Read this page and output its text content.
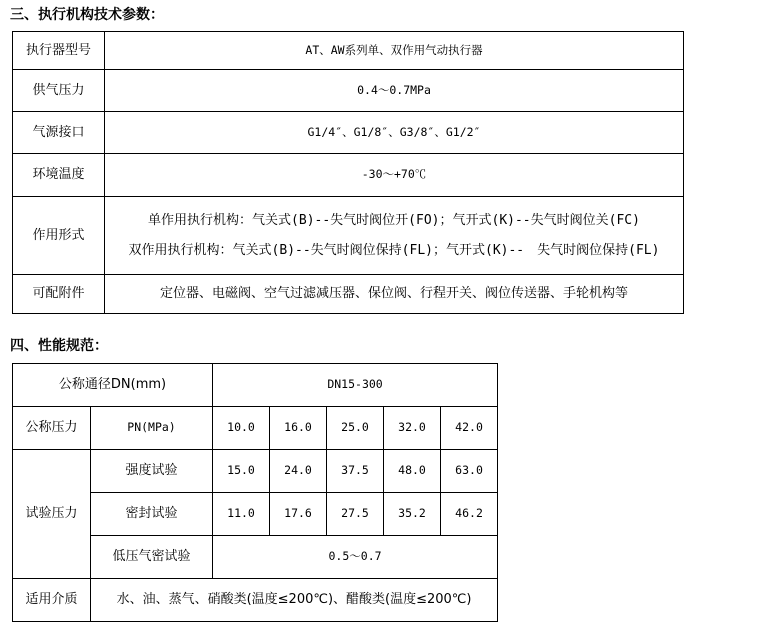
三、执行机构技术参数：
执行器型号	AT、AW系列单、双作用气动执行器
供气压力	0.4～0.7MPa
气源接口	G1/4″、G1/8″、G3/8″、G1/2″
环境温度	-30～+70℃
作用形式	单作用执行机构：气关式(B)--失气时阀位开(FO)；气开式(K)--失气时阀位关(FC)
双作用执行机构：气关式(B)--失气时阀位保持(FL)；气开式(K)--　失气时阀位保持(FL)

可配附件	定位器、电磁阀、空气过滤减压器、保位阀、行程开关、阀位传送器、手轮机构等
四、性能规范：
公称通径DN(mm)		DN15-300				
公称压力	PN(MPa)	10.0	16.0	25.0	32.0	42.0
试验压力	强度试验	15.0	24.0	37.5	48.0	63.0
	密封试验	11.0	17.6	27.5	35.2	46.2
	低压气密试验	0.5～0.7				
适用介质	水、油、蒸气、硝酸类(温度≤200℃)、醋酸类(温度≤200℃)					
